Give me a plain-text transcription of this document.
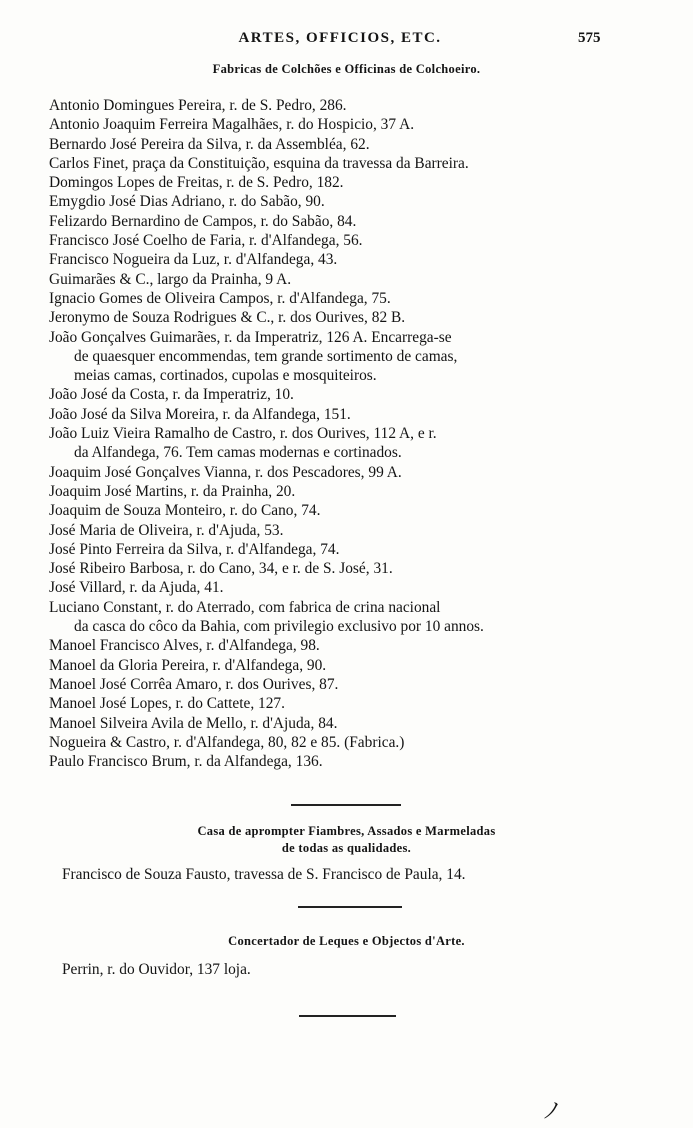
ARTES, OFFICIOS, ETC.	575
Fabricas de Colchões e Officinas de Colchoeiro.
Antonio Domingues Pereira, r. de S. Pedro, 286.
Antonio Joaquim Ferreira Magalhães, r. do Hospicio, 37 A.
Bernardo José Pereira da Silva, r. da Assembléa, 62.
Carlos Finet, praça da Constituição, esquina da travessa da Barreira.
Domingos Lopes de Freitas, r. de S. Pedro, 182.
Emygdio José Dias Adriano, r. do Sabão, 90.
Felizardo Bernardino de Campos, r. do Sabão, 84.
Francisco José Coelho de Faria, r. d'Alfandega, 56.
Francisco Nogueira da Luz, r. d'Alfandega, 43.
Guimarães & C., largo da Prainha, 9 A.
Ignacio Gomes de Oliveira Campos, r. d'Alfandega, 75.
Jeronymo de Souza Rodrigues & C., r. dos Ourives, 82 B.
João Gonçalves Guimarães, r. da Imperatriz, 126 A. Encarrega-se
de quaesquer encommendas, tem grande sortimento de camas,
meias camas, cortinados, cupolas e mosquiteiros.
João José da Costa, r. da Imperatriz, 10.
João José da Silva Moreira, r. da Alfandega, 151.
João Luiz Vieira Ramalho de Castro, r. dos Ourives, 112 A, e r.
da Alfandega, 76. Tem camas modernas e cortinados.
Joaquim José Gonçalves Vianna, r. dos Pescadores, 99 A.
Joaquim José Martins, r. da Prainha, 20.
Joaquim de Souza Monteiro, r. do Cano, 74.
José Maria de Oliveira, r. d'Ajuda, 53.
José Pinto Ferreira da Silva, r. d'Alfandega, 74.
José Ribeiro Barbosa, r. do Cano, 34, e r. de S. José, 31.
José Villard, r. da Ajuda, 41.
Luciano Constant, r. do Aterrado, com fabrica de crina nacional
da casca do côco da Bahia, com privilegio exclusivo por 10 annos.
Manoel Francisco Alves, r. d'Alfandega, 98.
Manoel da Gloria Pereira, r. d'Alfandega, 90.
Manoel José Corrêa Amaro, r. dos Ourives, 87.
Manoel José Lopes, r. do Cattete, 127.
Manoel Silveira Avila de Mello, r. d'Ajuda, 84.
Nogueira & Castro, r. d'Alfandega, 80, 82 e 85. (Fabrica.)
Paulo Francisco Brum, r. da Alfandega, 136.
Casa de aprompter Fiambres, Assados e Marmeladas
de todas as qualidades.
Francisco de Souza Fausto, travessa de S. Francisco de Paula, 14.
Concertador de Leques e Objectos d'Arte.
Perrin, r. do Ouvidor, 137 loja.
ノ
